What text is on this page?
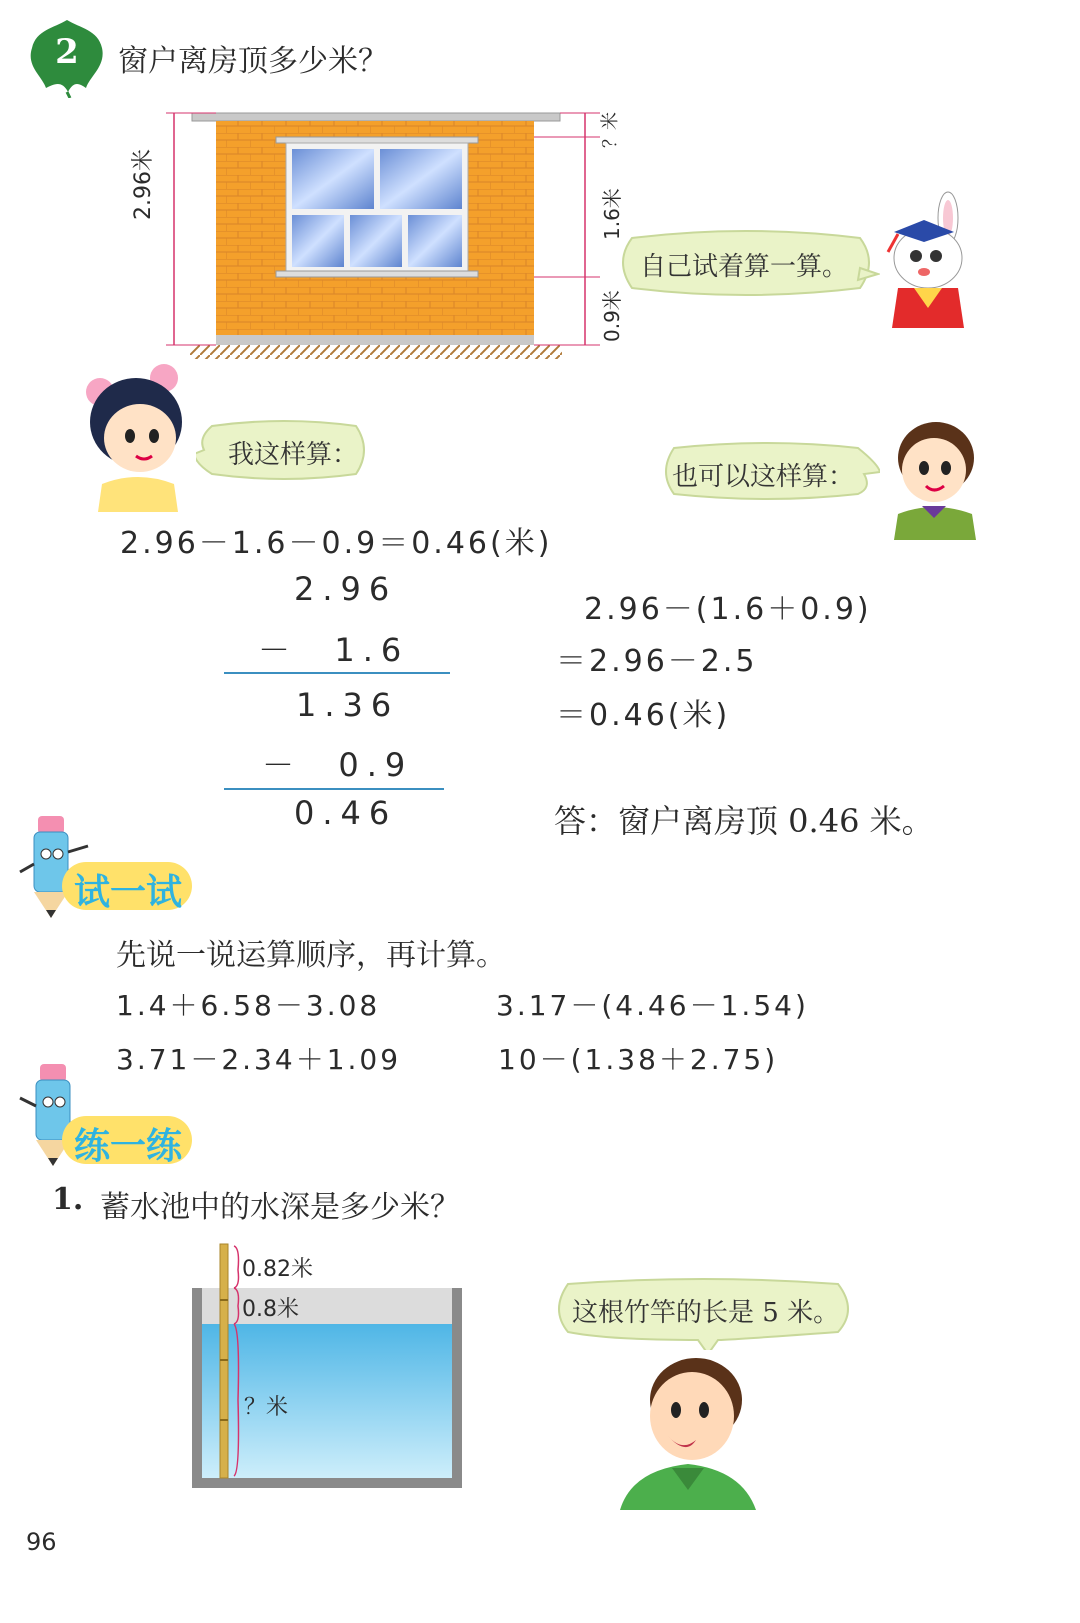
2 窗户离房顶多少米？
2.96米
？米
1.6米
0.9米
自己试着算一算。
我这样算：
也可以这样算：
2.96－1.6－0.9＝0.46(米)
2.96
－  1.6
1.36
－  0.9
0.46
2.96－(1.6＋0.9)
＝2.96－2.5
＝0.46(米)
答：窗户离房顶 0.46 米。
试一试
先说一说运算顺序，再计算。
1.4＋6.58－3.08	3.17－(4.46－1.54)
3.71－2.34＋1.09	10－(1.38＋2.75)
练一练
1. 蓄水池中的水深是多少米？
0.82米
0.8米
？米
这根竹竿的长是 5 米。
96
